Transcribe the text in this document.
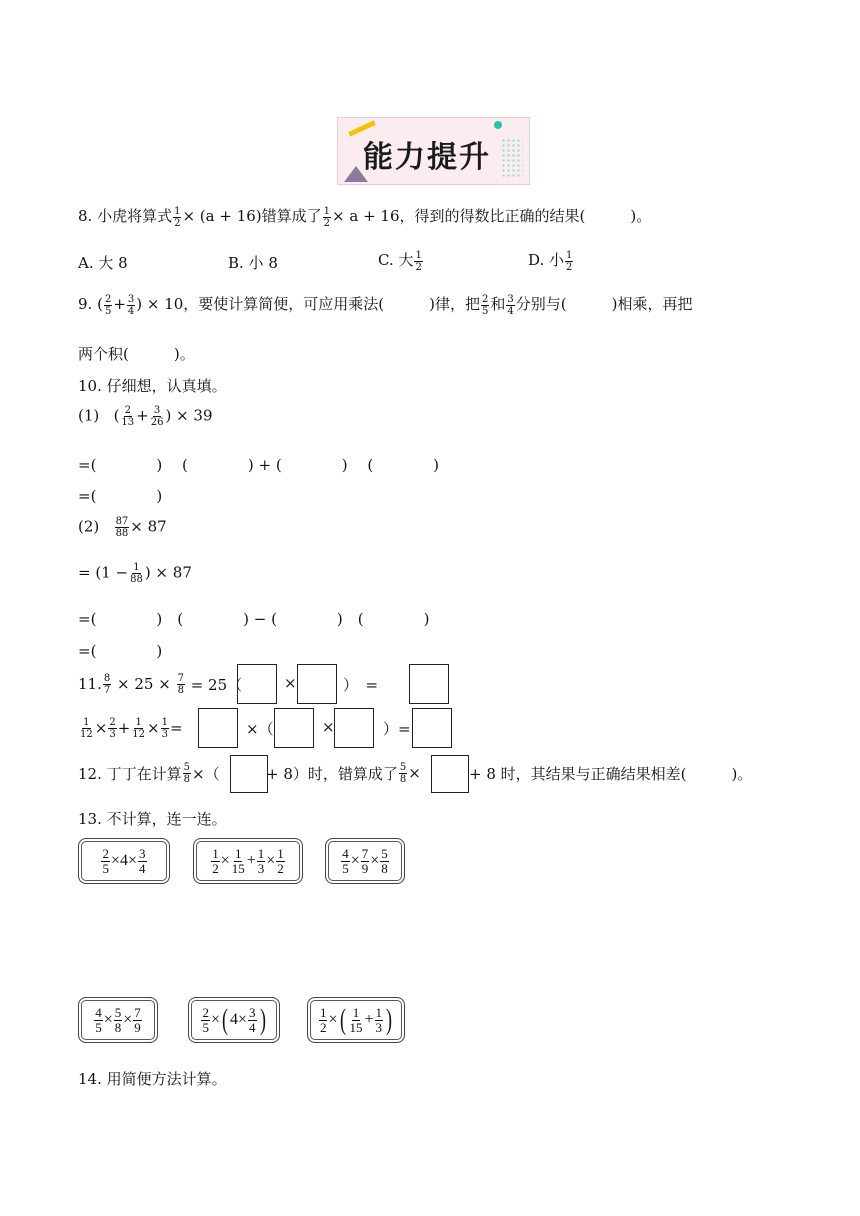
能力提升
8. 小虎将算式 $\frac{1}{2} \times (a + 16)$错算成了 $\frac{1}{2} \times a + 16$，得到的得数比正确的结果(　　　)。
A. 大 8	B. 小 8	C. 大 $\frac{1}{2}$	D. 小 $\frac{1}{2}$
9. ( $\frac{2}{5} + \frac{3}{4}$ ) × 10，要使计算简便，可应用乘法(　　　)律，把 $\frac{2}{5}$ 和 $\frac{3}{4}$ 分别与(　　　)相乘，再把
两个积(　　　)。
10. 仔细想，认真填。
(1) ( $\frac{2}{13} + \frac{3}{26}$ ) × 39
=(　　　　)　 (　　　　) + (　　　　)　 (　　　　)
=(　　　　)
$(2) \frac{87}{88} \times 87$
= ($1 - \frac{1}{88}$ ) × 87
=(　　　　)　(　　　　) − (　　　　)　(　　　　)
=(　　　　)
11. $\frac{8}{7}$
× 25 ×
$\frac{7}{8}$
= 25（	×	）　=
$\frac{1}{12} \times \frac{2}{3} + \frac{1}{12} \times \frac{1}{3}$ =	×（	×	）=
12. 丁丁在计算 $\frac{5}{8}$ ×（	+ 8）时，错算成了 $\frac{5}{8}$ ×	+ 8 时，其结果与正确结果相差(　　　)。
13. 不计算，连一连。
$\frac{2}{5} \times 4 \times \frac{3}{4}$	$\frac{1}{2} \times \frac{1}{15} + \frac{1}{3} \times \frac{1}{2}$	$\frac{4}{5} \times \frac{7}{9} \times \frac{5}{8}$
$\frac{4}{5} \times \frac{5}{8} \times \frac{7}{9}$	$\frac{2}{5}$ × ( $4 \times \frac{3}{4}$ )	$\frac{1}{2}$ × ( $\frac{1}{15} + \frac{1}{3}$ )
14. 用简便方法计算。
